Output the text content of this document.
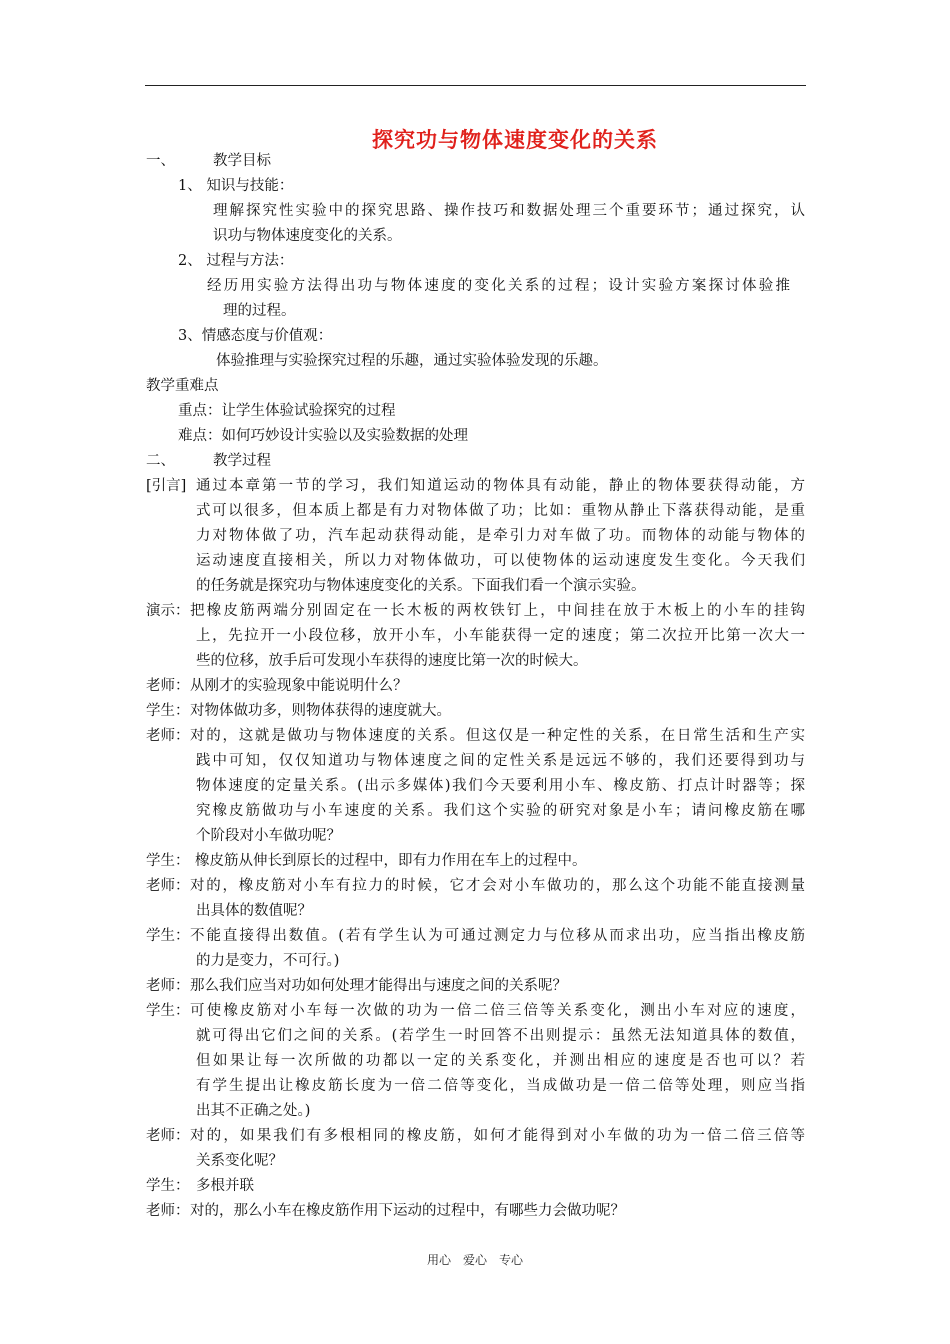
探究功与物体速度变化的关系
一、	教学目标
1、 知识与技能：
理解探究性实验中的探究思路、操作技巧和数据处理三个重要环节；通过探究，认
识功与物体速度变化的关系。
2、 过程与方法：
经历用实验方法得出功与物体速度的变化关系的过程；设计实验方案探讨体验推
理的过程。
3、情感态度与价值观：
体验推理与实验探究过程的乐趣，通过实验体验发现的乐趣。
教学重难点
重点：让学生体验试验探究的过程
难点：如何巧妙设计实验以及实验数据的处理
二、	教学过程
[引言] 通过本章第一节的学习，我们知道运动的物体具有动能，静止的物体要获得动能，方
式可以很多，但本质上都是有力对物体做了功；比如：重物从静止下落获得动能，是重
力对物体做了功，汽车起动获得动能，是牵引力对车做了功。而物体的动能与物体的
运动速度直接相关，所以力对物体做功，可以使物体的运动速度发生变化。今天我们
的任务就是探究功与物体速度变化的关系。下面我们看一个演示实验。
演示： 把橡皮筋两端分别固定在一长木板的两枚铁钉上，中间挂在放于木板上的小车的挂钩
上，先拉开一小段位移，放开小车，小车能获得一定的速度；第二次拉开比第一次大一
些的位移，放手后可发现小车获得的速度比第一次的时候大。
老师： 从刚才的实验现象中能说明什么？
学生： 对物体做功多，则物体获得的速度就大。
老师： 对的，这就是做功与物体速度的关系。但这仅是一种定性的关系，在日常生活和生产实
践中可知，仅仅知道功与物体速度之间的定性关系是远远不够的，我们还要得到功与
物体速度的定量关系。(出示多媒体)我们今天要利用小车、橡皮筋、打点计时器等；探
究橡皮筋做功与小车速度的关系。我们这个实验的研究对象是小车；请问橡皮筋在哪
个阶段对小车做功呢？
学生： 橡皮筋从伸长到原长的过程中，即有力作用在车上的过程中。
老师： 对的，橡皮筋对小车有拉力的时候，它才会对小车做功的，那么这个功能不能直接测量
出具体的数值呢？
学生： 不能直接得出数值。(若有学生认为可通过测定力与位移从而求出功，应当指出橡皮筋
的力是变力，不可行。)
老师： 那么我们应当对功如何处理才能得出与速度之间的关系呢？
学生： 可使橡皮筋对小车每一次做的功为一倍二倍三倍等关系变化，测出小车对应的速度，
就可得出它们之间的关系。(若学生一时回答不出则提示：虽然无法知道具体的数值，
但如果让每一次所做的功都以一定的关系变化，并测出相应的速度是否也可以？若
有学生提出让橡皮筋长度为一倍二倍等变化，当成做功是一倍二倍等处理，则应当指
出其不正确之处。)
老师： 对的，如果我们有多根相同的橡皮筋，如何才能得到对小车做的功为一倍二倍三倍等
关系变化呢？
学生： 多根并联
老师： 对的，那么小车在橡皮筋作用下运动的过程中，有哪些力会做功呢？
用心　爱心　专心
